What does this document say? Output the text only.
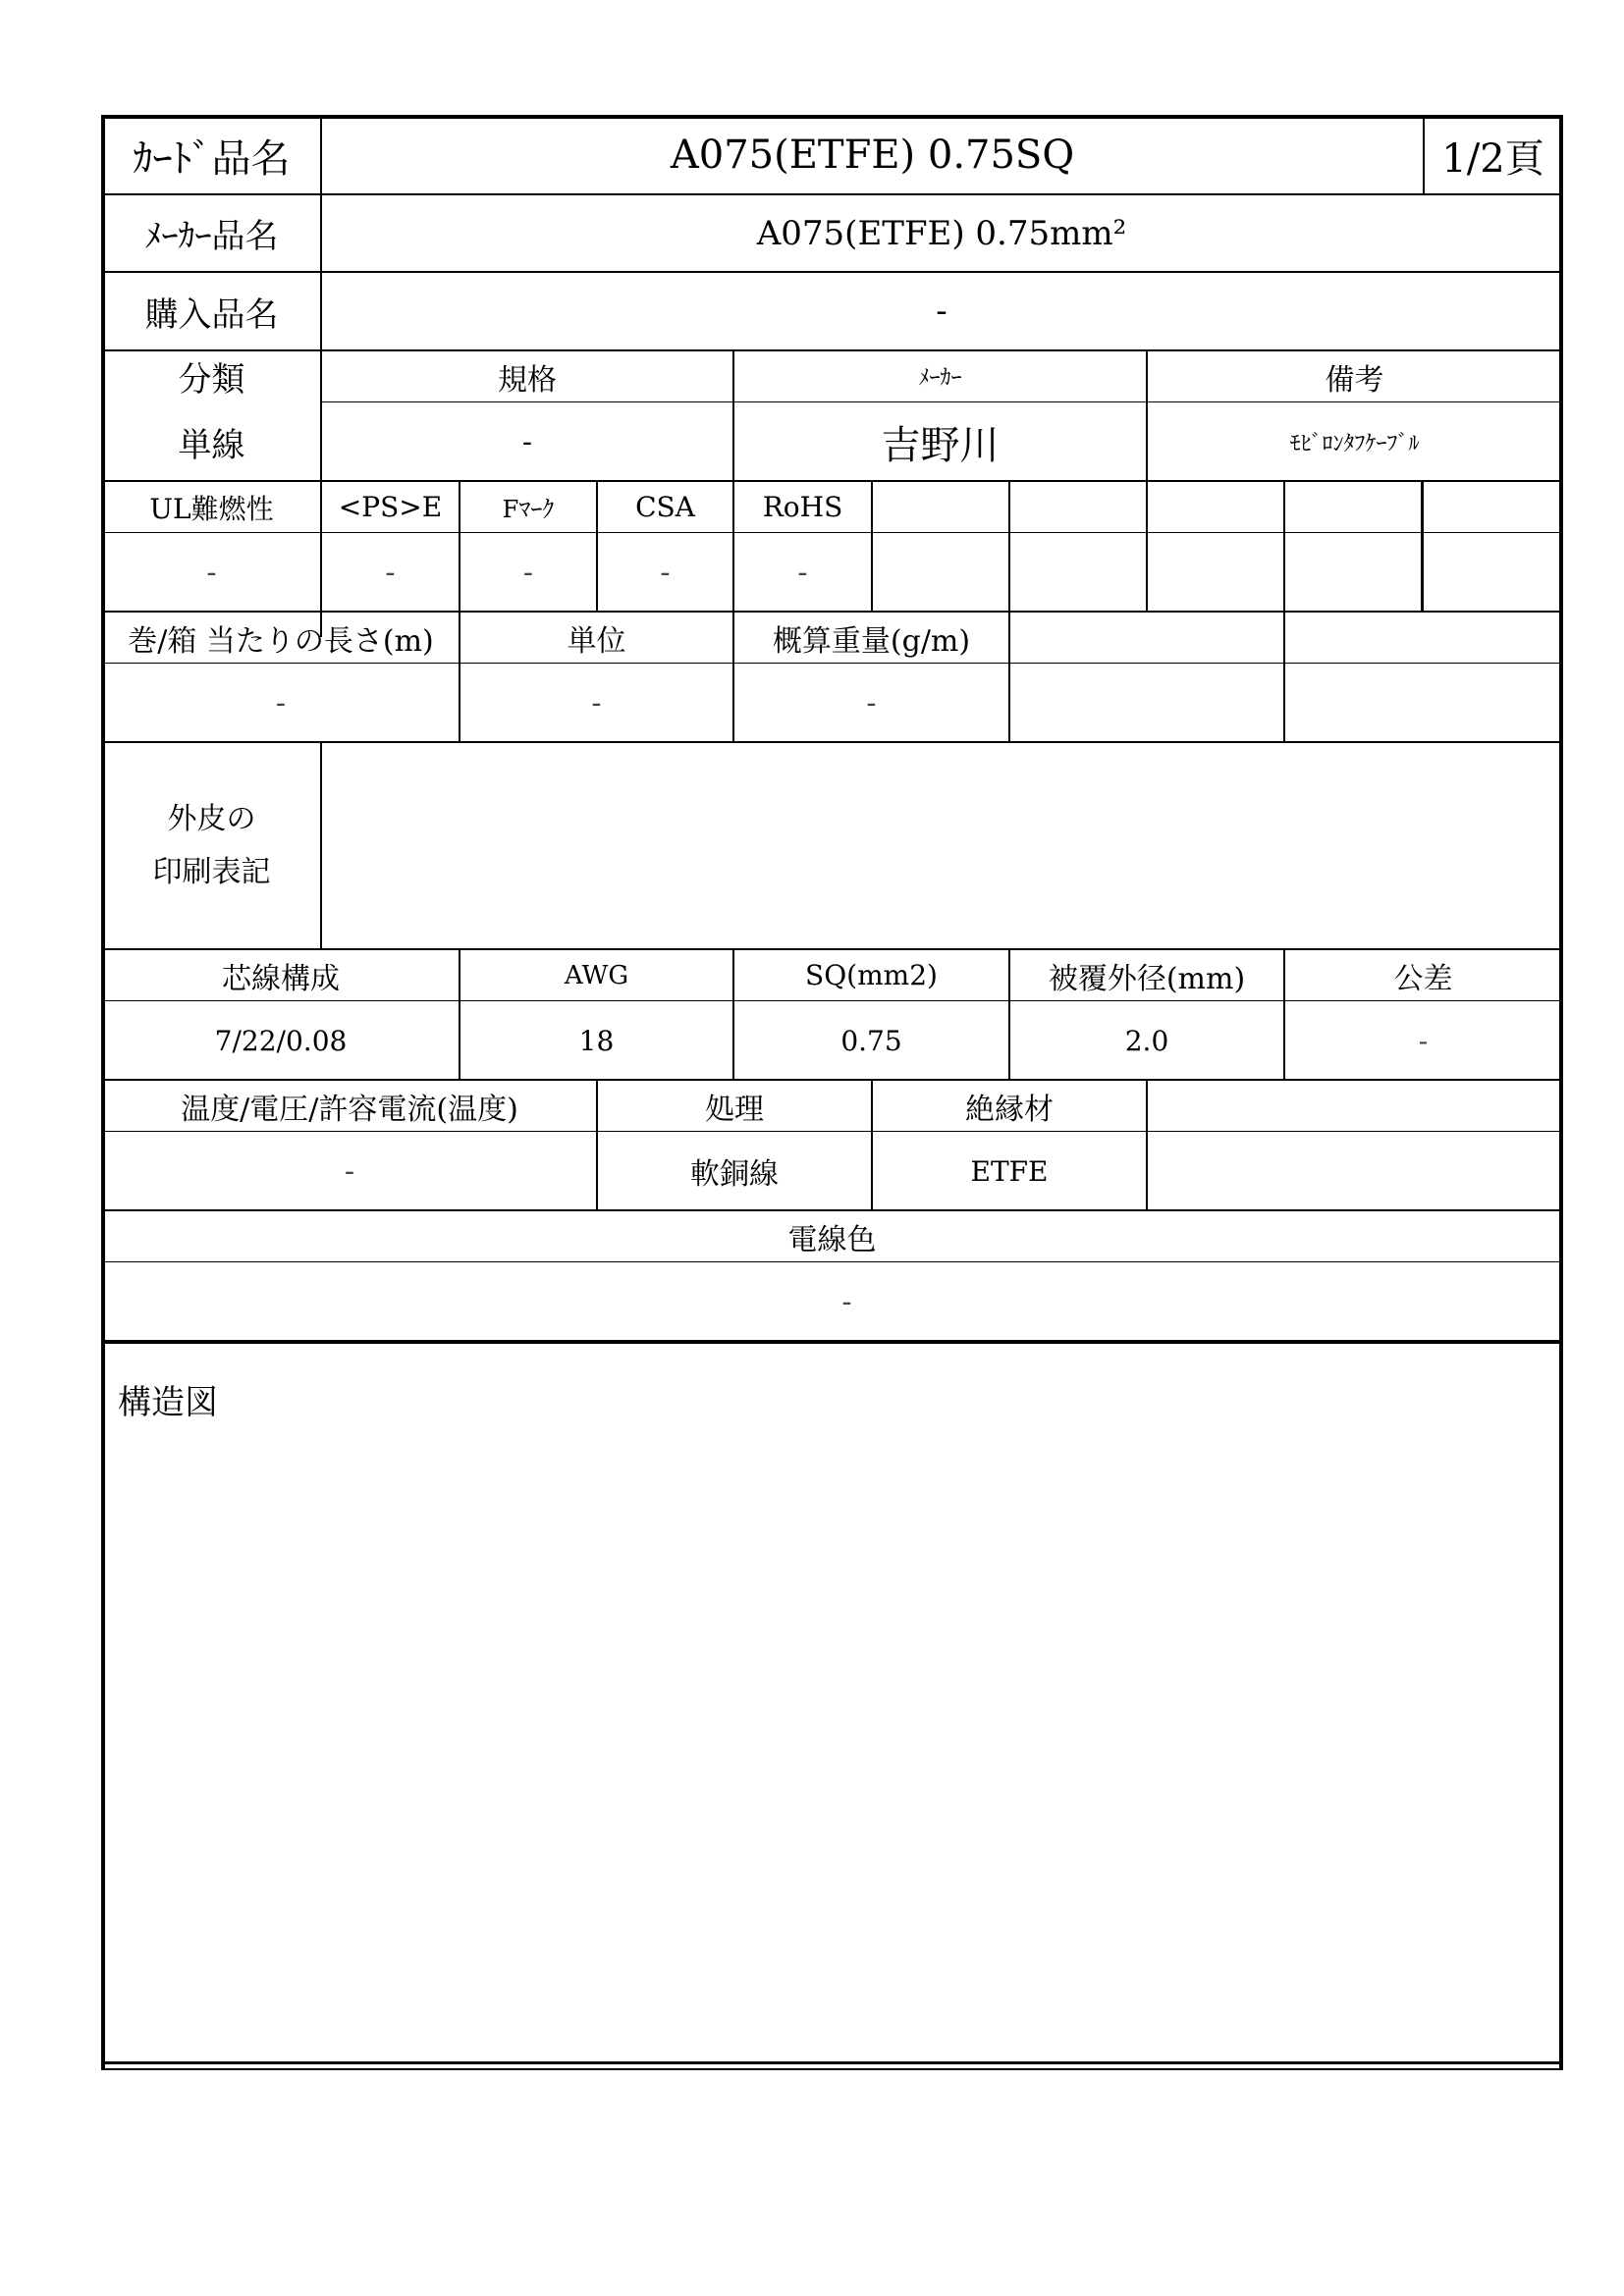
ｶｰﾄﾞ品名	A075(ETFE) 0.75SQ	1/2頁
ﾒｰｶｰ品名	A075(ETFE) 0.75mm²
購入品名	-
分類	規格	ﾒｰｶｰ	備考
単線	-	吉野川	ﾓﾋﾞﾛﾝﾀﾌｹｰﾌﾞﾙ
UL難燃性	<PS>E	Fﾏｰｸ	CSA	RoHS
-	-	-	-	-
巻/箱 当たりの長さ(m)	単位	概算重量(g/m)
-	-	-
外皮の
印刷表記
芯線構成	AWG	SQ(mm2)	被覆外径(mm)	公差
7/22/0.08	18	0.75	2.0	-
温度/電圧/許容電流(温度)	処理	絶縁材
-	軟銅線	ETFE
電線色
-
構造図
